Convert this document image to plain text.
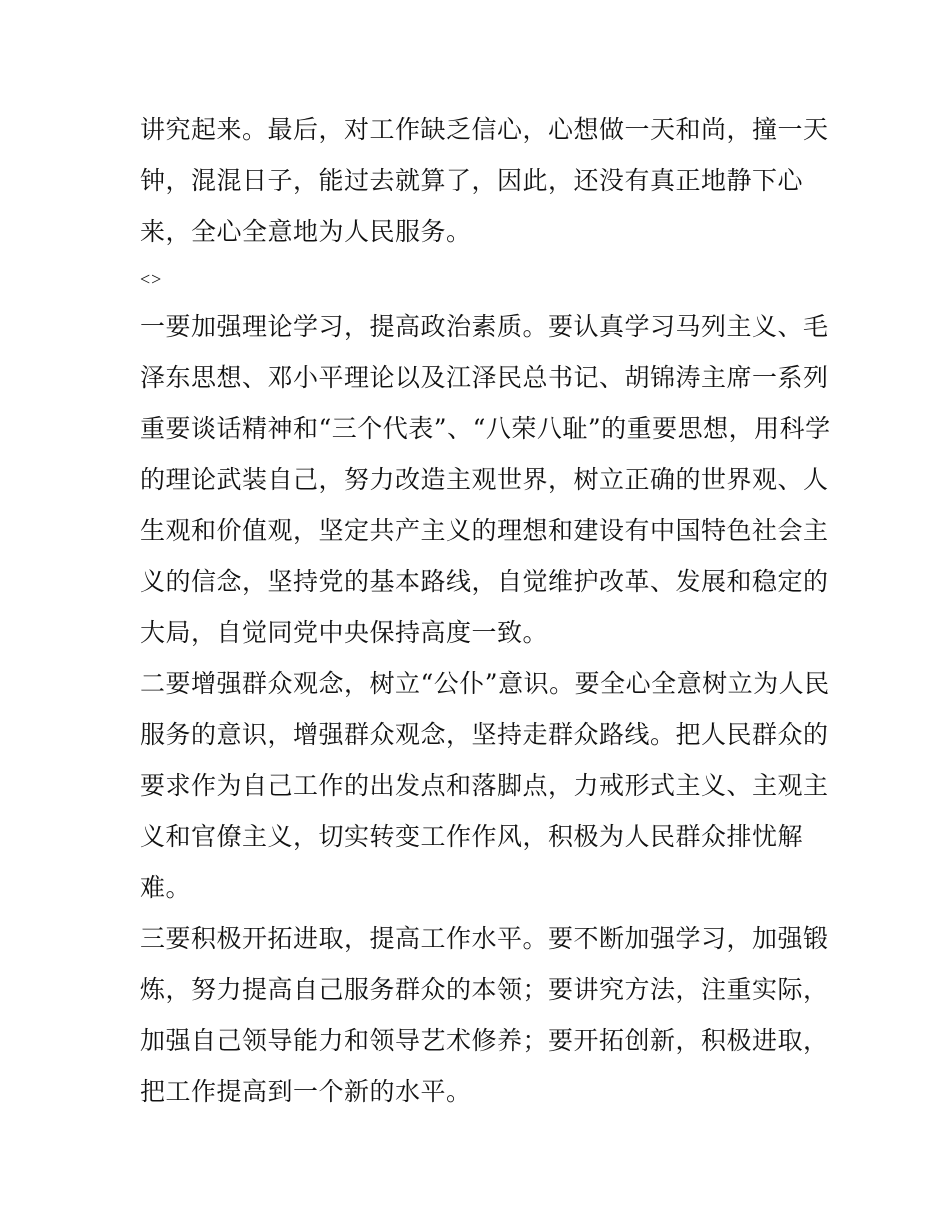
讲究起来。最后，对工作缺乏信心，心想做一天和尚，撞一天
钟，混混日子，能过去就算了，因此，还没有真正地静下心
来，全心全意地为人民服务。
<>
一要加强理论学习，提高政治素质。要认真学习马列主义、毛
泽东思想、邓小平理论以及江泽民总书记、胡锦涛主席一系列
重要谈话精神和“三个代表”、“八荣八耻”的重要思想，用科学
的理论武装自己，努力改造主观世界，树立正确的世界观、人
生观和价值观，坚定共产主义的理想和建设有中国特色社会主
义的信念，坚持党的基本路线，自觉维护改革、发展和稳定的
大局，自觉同党中央保持高度一致。
二要增强群众观念，树立“公仆”意识。要全心全意树立为人民
服务的意识，增强群众观念，坚持走群众路线。把人民群众的
要求作为自己工作的出发点和落脚点，力戒形式主义、主观主
义和官僚主义，切实转变工作作风，积极为人民群众排忧解
难。
三要积极开拓进取，提高工作水平。要不断加强学习，加强锻
炼，努力提高自己服务群众的本领；要讲究方法，注重实际，
加强自己领导能力和领导艺术修养；要开拓创新，积极进取，
把工作提高到一个新的水平。
